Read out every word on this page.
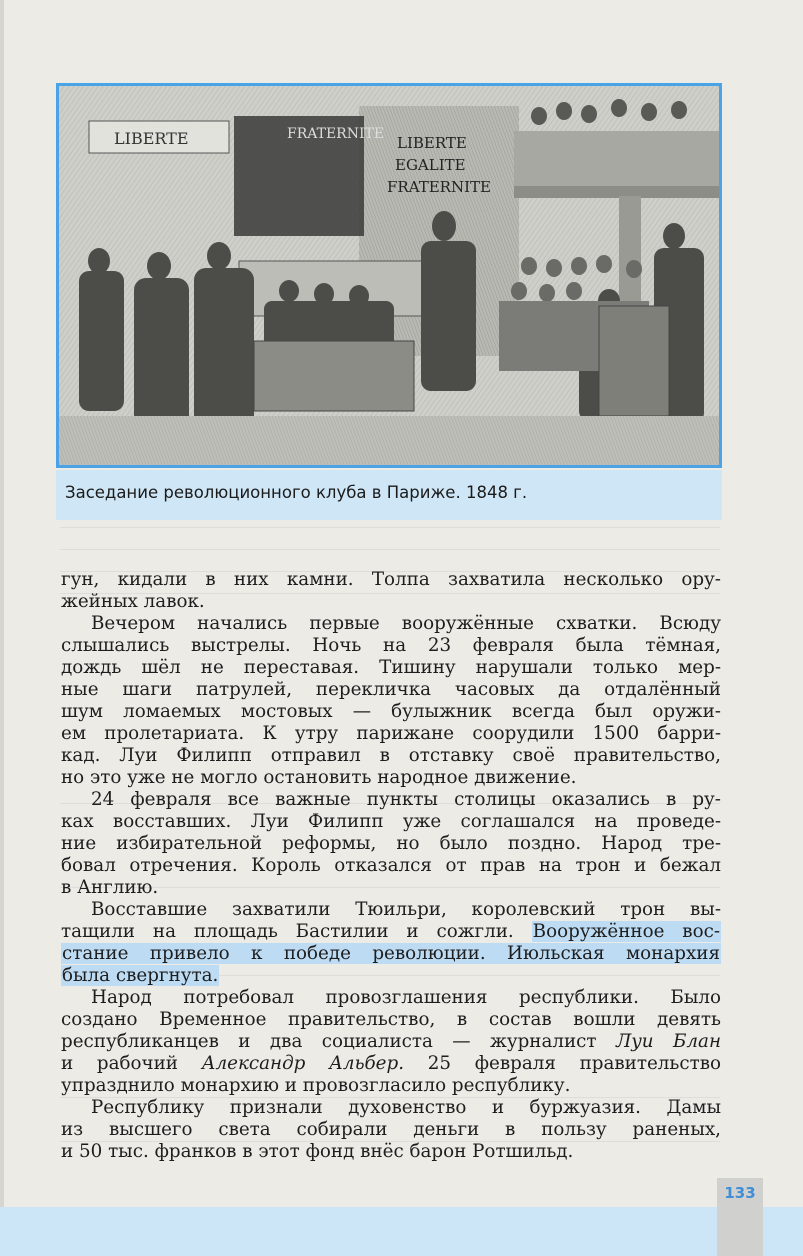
LIBERTE	FRATERNITE LIBERTE
EGALITE
FRATERNITE
Заседание революционного клуба в Париже. 1848 г.
гун, кидали в них камни. Толпа захватила несколько ору-
жейных лавок.
Вечером начались первые вооружённые схватки. Всюду
слышались выстрелы. Ночь на 23 февраля была тёмная,
дождь шёл не переставая. Тишину нарушали только мер-
ные шаги патрулей, перекличка часовых да отдалённый
шум ломаемых мостовых — булыжник всегда был оружи-
ем пролетариата. К утру парижане соорудили 1500 барри-
кад. Луи Филипп отправил в отставку своё правительство,
но это уже не могло остановить народное движение.
24 февраля все важные пункты столицы оказались в ру-
ках восставших. Луи Филипп уже соглашался на проведе-
ние избирательной реформы, но было поздно. Народ тре-
бовал отречения. Король отказался от прав на трон и бежал
в Англию.
Восставшие захватили Тюильри, королевский трон вы-
тащили на площадь Бастилии и сожгли. Вооружённое вос-
стание привело к победе революции. Июльская монархия
была свергнута.
Народ потребовал провозглашения республики. Было
создано Временное правительство, в состав вошли девять
республиканцев и два социалиста — журналист Луи Блан
и рабочий Александр Альбер. 25 февраля правительство
упразднило монархию и провозгласило республику.
Республику признали духовенство и буржуазия. Дамы
из высшего света собирали деньги в пользу раненых,
и 50 тыс. франков в этот фонд внёс барон Ротшильд.
133
